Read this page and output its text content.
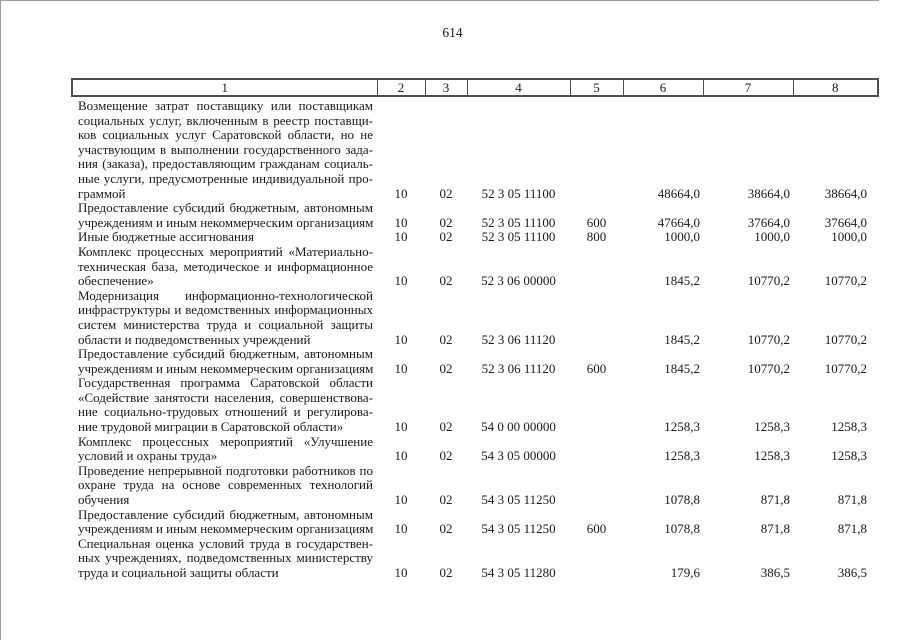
614
1	2	3	4	5	6	7	8

Возмещение затрат поставщику или поставщикам
социальных услуг, включенным в реестр поставщи-
ков социальных услуг Саратовской области, но не
участвующим в выполнении государственного зада-
ния (заказа), предоставляющим гражданам социаль-
ные услуги, предусмотренные индивидуальной про-
граммой	10	02	52 3 05 11100		48664,0	38664,0	38664,0

Предоставление субсидий бюджетным, автономным
учреждениям и иным некоммерческим организациям	10	02	52 3 05 11100	600	47664,0	37664,0	37664,0

Иные бюджетные ассигнования	10	02	52 3 05 11100	800	1000,0	1000,0	1000,0

Комплекс процессных мероприятий «Материально-
техническая база, методическое и информационное
обеспечение»	10	02	52 3 06 00000		1845,2	10770,2	10770,2

Модернизация информационно-технологической
инфраструктуры и ведомственных информационных
систем министерства труда и социальной защиты
области и подведомственных учреждений	10	02	52 3 06 11120		1845,2	10770,2	10770,2

Предоставление субсидий бюджетным, автономным
учреждениям и иным некоммерческим организациям	10	02	52 3 06 11120	600	1845,2	10770,2	10770,2

Государственная программа Саратовской области
«Содействие занятости населения, совершенствова-
ние социально-трудовых отношений и регулирова-
ние трудовой миграции в Саратовской области»	10	02	54 0 00 00000		1258,3	1258,3	1258,3

Комплекс процессных мероприятий «Улучшение
условий и охраны труда»	10	02	54 3 05 00000		1258,3	1258,3	1258,3

Проведение непрерывной подготовки работников по
охране труда на основе современных технологий
обучения	10	02	54 3 05 11250		1078,8	871,8	871,8

Предоставление субсидий бюджетным, автономным
учреждениям и иным некоммерческим организациям	10	02	54 3 05 11250	600	1078,8	871,8	871,8

Специальная оценка условий труда в государствен-
ных учреждениях, подведомственных министерству
труда и социальной защиты области	10	02	54 3 05 11280		179,6	386,5	386,5
